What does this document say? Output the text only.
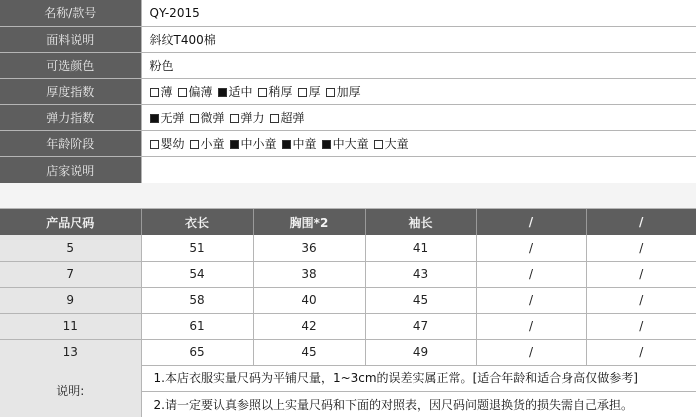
名称/款号	QY-2015
面料说明	斜纹T400棉
可选颜色	粉色
厚度指数	薄 偏薄 适中 稍厚 厚 加厚
弹力指数	无弹 微弹 弹力 超弹
年龄阶段	婴幼 小童 中小童 中童 中大童 大童
店家说明	
产品尺码	衣长	胸围*2	袖长	/	/
5	51	36	41	/	/
7	54	38	43	/	/
9	58	40	45	/	/
11	61	42	47	/	/
13	65	45	49	/	/
说明:	1.本店衣服实量尺码为平铺尺量，1~3cm的误差实属正常。[适合年龄和适合身高仅做参考]
2.请一定要认真参照以上实量尺码和下面的对照表，因尺码问题退换货的损失需自己承担。
